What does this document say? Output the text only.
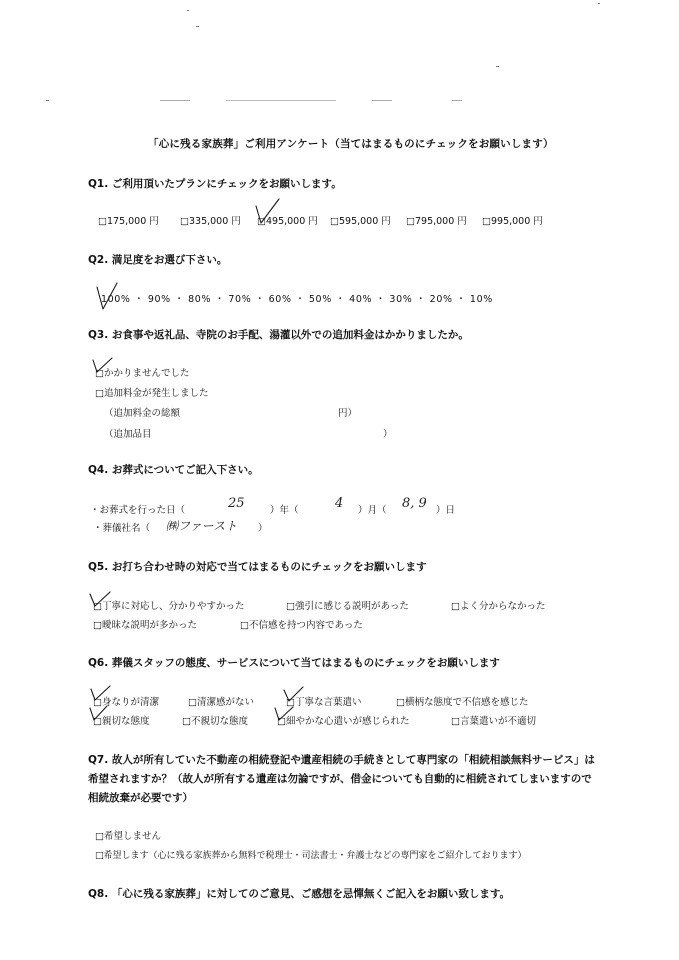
「心に残る家族葬」ご利用アンケート（当てはまるものにチェックをお願いします）
Q1. ご利用頂いたプランにチェックをお願いします。
□175,000 円 □335,000 円 □495,000 円 □595,000 円 □795,000 円 □995,000 円
Q2. 満足度をお選び下さい。
100% ・ 90% ・ 80% ・ 70% ・ 60% ・ 50% ・ 40% ・ 30% ・ 20% ・ 10%
Q3. お食事や返礼品、寺院のお手配、湯灌以外での追加料金はかかりましたか。
□かかりませんでした
□追加料金が発生しました
（追加料金の総額	円）
（追加品目	）
Q4. お葬式についてご記入下さい。
・お葬式を行った日（	25	）年（	4 ）月（ 8, 9 ）日
・葬儀社名（ ㈱ファースト ）
Q5. お打ち合わせ時の対応で当てはまるものにチェックをお願いします
□丁寧に対応し、分かりやすかった	□強引に感じる説明があった	□よく分からなかった
□曖昧な説明が多かった	□不信感を持つ内容であった
Q6. 葬儀スタッフの態度、サービスについて当てはまるものにチェックをお願いします
□身なりが清潔	□清潔感がない	□丁寧な言葉遣い	□横柄な態度で不信感を感じた
□親切な態度	□不親切な態度	□細やかな心遣いが感じられた	□言葉遣いが不適切
Q7. 故人が所有していた不動産の相続登記や遺産相続の手続きとして専門家の「相続相談無料サービス」は
希望されますか？（故人が所有する遺産は勿論ですが、借金についても自動的に相続されてしまいますので
相続放棄が必要です）
□希望しません
□希望します（心に残る家族葬から無料で税理士・司法書士・弁護士などの専門家をご紹介しております）
Q8. 「心に残る家族葬」に対してのご意見、ご感想を忌憚無くご記入をお願い致します。
